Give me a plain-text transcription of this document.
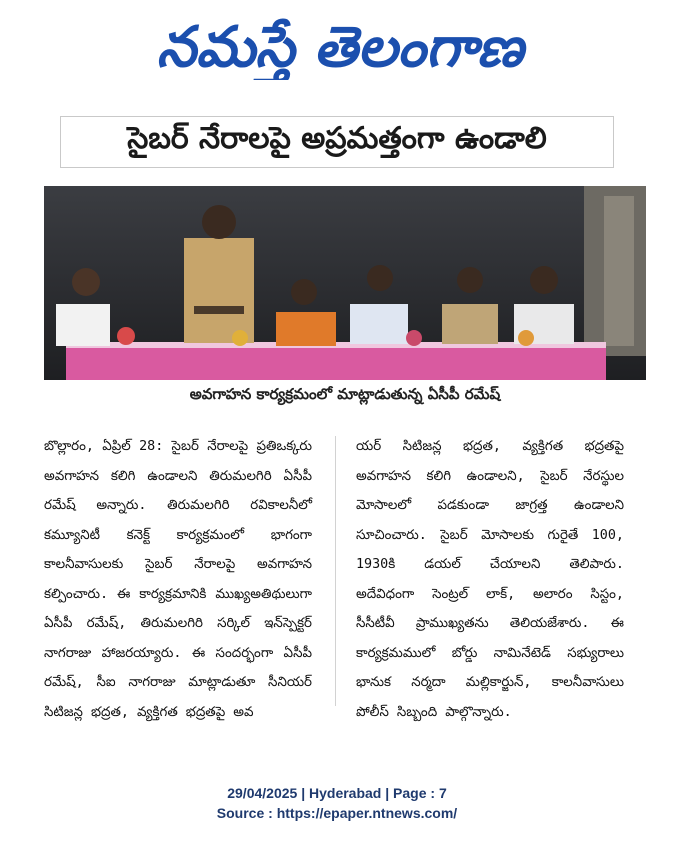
నమస్తే తెలంగాణ
సైబర్ నేరాలపై అప్రమత్తంగా ఉండాలి
అవగాహన కార్యక్రమంలో మాట్లాడుతున్న ఏసీపీ రమేష్
బొల్లారం, ఏప్రిల్ 28: సైబర్ నేరాలపై ప్రతిఒక్కరు అవగాహన కలిగి ఉండాలని తిరుమలగిరి ఏసీపీ రమేష్ అన్నారు. తిరుమలగిరి రవికాలనీలో కమ్యూనిటీ కనెక్ట్ కార్యక్రమంలో భాగంగా కాలనీవాసులకు సైబర్ నేరాలపై అవగాహన కల్పించారు. ఈ కార్యక్రమానికి ముఖ్యఅతిథులుగా ఏసీపీ రమేష్, తిరుమలగిరి సర్కిల్ ఇన్‌స్పెక్టర్ నాగరాజు హాజరయ్యారు. ఈ సందర్భంగా ఏసీపీ రమేష్, సీఐ నాగరాజు మాట్లాడుతూ సీనియర్ సిటిజన్ల భద్రత, వ్యక్తిగత భద్రతపై అవ
యర్ సిటిజన్ల భద్రత, వ్యక్తిగత భద్రతపై అవగాహన కలిగి ఉండాలని, సైబర్ నేరస్థుల మోసాలలో పడకుండా జాగ్రత్త ఉండాలని సూచించారు. సైబర్ మోసాలకు గురైతే 100, 1930కి డయల్ చేయాలని తెలిపారు. అదేవిధంగా సెంట్రల్ లాక్, అలారం సిస్టం, సీసీటీవీ ప్రాముఖ్యతను తెలియజేశారు. ఈ కార్యక్రమములో బోర్డు నామినేటెడ్ సభ్యురాలు భానుక నర్మదా మల్లికార్జున్, కాలనీవాసులు పోలీస్ సిబ్బంది పాల్గొన్నారు.
29/04/2025 | Hyderabad | Page : 7
Source : https://epaper.ntnews.com/
